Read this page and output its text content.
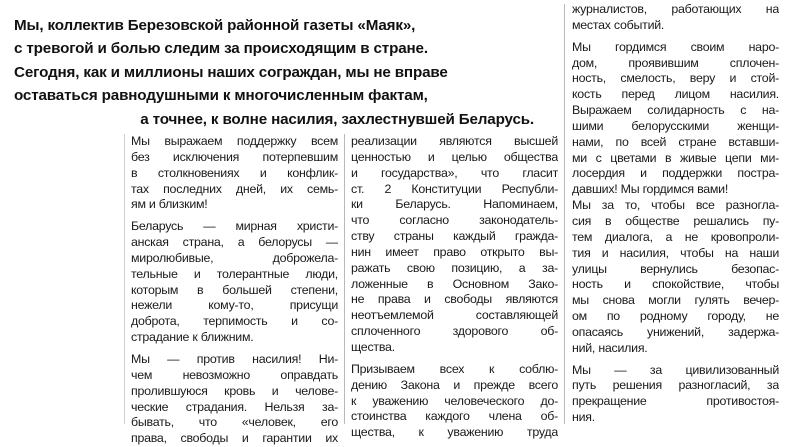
Мы, коллектив Березовской районной газеты «Маяк»,
с тревогой и болью следим за происходящим в стране.
Сегодня, как и миллионы наших сограждан, мы не вправе
оставаться равнодушными к многочисленным фактам,
а точнее, к волне насилия, захлестнувшей Беларусь.
Мы выражаем поддержку всем
без исключения потерпевшим
в столкновениях и конфлик-
тах последних дней, их семь-
ям и близким!
Беларусь — мирная христи-
анская страна, а белорусы —
миролюбивые, доброжела-
тельные и толерантные люди,
которым в большей степени,
нежели кому-то, присущи
доброта, терпимость и со-
страдание к ближним.
Мы — против насилия! Ни-
чем невозможно оправдать
пролившуюся кровь и челове-
ческие страдания. Нельзя за-
бывать, что «человек, его
права, свободы и гарантии их
реализации являются высшей
ценностью и целью общества
и государства», что гласит
ст. 2 Конституции Республи-
ки Беларусь. Напоминаем,
что согласно законодатель-
ству страны каждый гражда-
нин имеет право открыто вы-
ражать свою позицию, а за-
ложенные в Основном Зако-
не права и свободы являются
неотъемлемой составляющей
сплоченного здорового об-
щества.
Призываем всех к соблю-
дению Закона и прежде всего
к уважению человеческого до-
стоинства каждого члена об-
щества, к уважению труда
журналистов, работающих на
местах событий.
Мы гордимся своим наро-
дом, проявившим сплочен-
ность, смелость, веру и стой-
кость перед лицом насилия.
Выражаем солидарность с на-
шими белорусскими женщи-
нами, по всей стране вставши-
ми с цветами в живые цепи ми-
лосердия и поддержки постра-
давших! Мы гордимся вами!
Мы за то, чтобы все разногла-
сия в обществе решались пу-
тем диалога, а не кровопроли-
тия и насилия, чтобы на наши
улицы вернулись безопас-
ность и спокойствие, чтобы
мы снова могли гулять вечер-
ом по родному городу, не
опасаясь унижений, задержа-
ний, насилия.
Мы — за цивилизованный
путь решения разногласий, за
прекращение противостоя-
ния.
